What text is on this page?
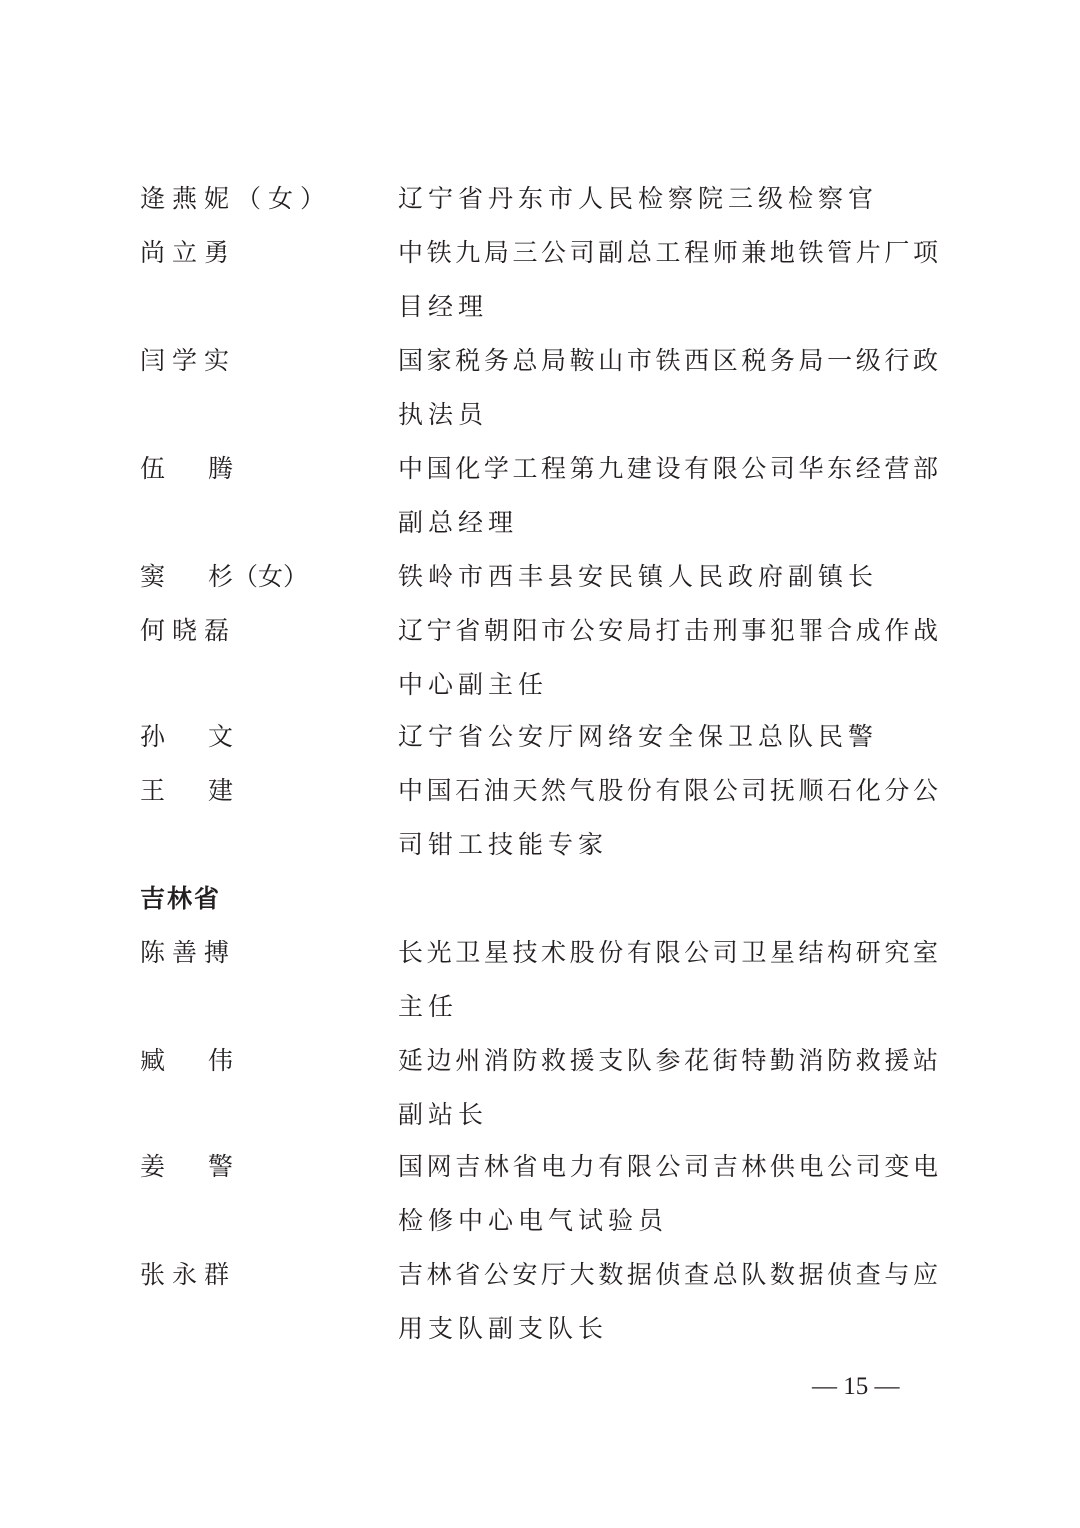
逄燕妮（女）	辽宁省丹东市人民检察院三级检察官
尚立勇	中铁九局三公司副总工程师兼地铁管片厂项
目经理
闫学实	国家税务总局鞍山市铁西区税务局一级行政
执法员
伍 腾	中国化学工程第九建设有限公司华东经营部
副总经理
窦 杉（女）	铁岭市西丰县安民镇人民政府副镇长
何晓磊	辽宁省朝阳市公安局打击刑事犯罪合成作战
中心副主任
孙 文	辽宁省公安厅网络安全保卫总队民警
王 建	中国石油天然气股份有限公司抚顺石化分公
司钳工技能专家
吉林省
陈善搏	长光卫星技术股份有限公司卫星结构研究室
主任
臧 伟	延边州消防救援支队参花街特勤消防救援站
副站长
姜 警	国网吉林省电力有限公司吉林供电公司变电
检修中心电气试验员
张永群	吉林省公安厅大数据侦查总队数据侦查与应
用支队副支队长
— 15 —
